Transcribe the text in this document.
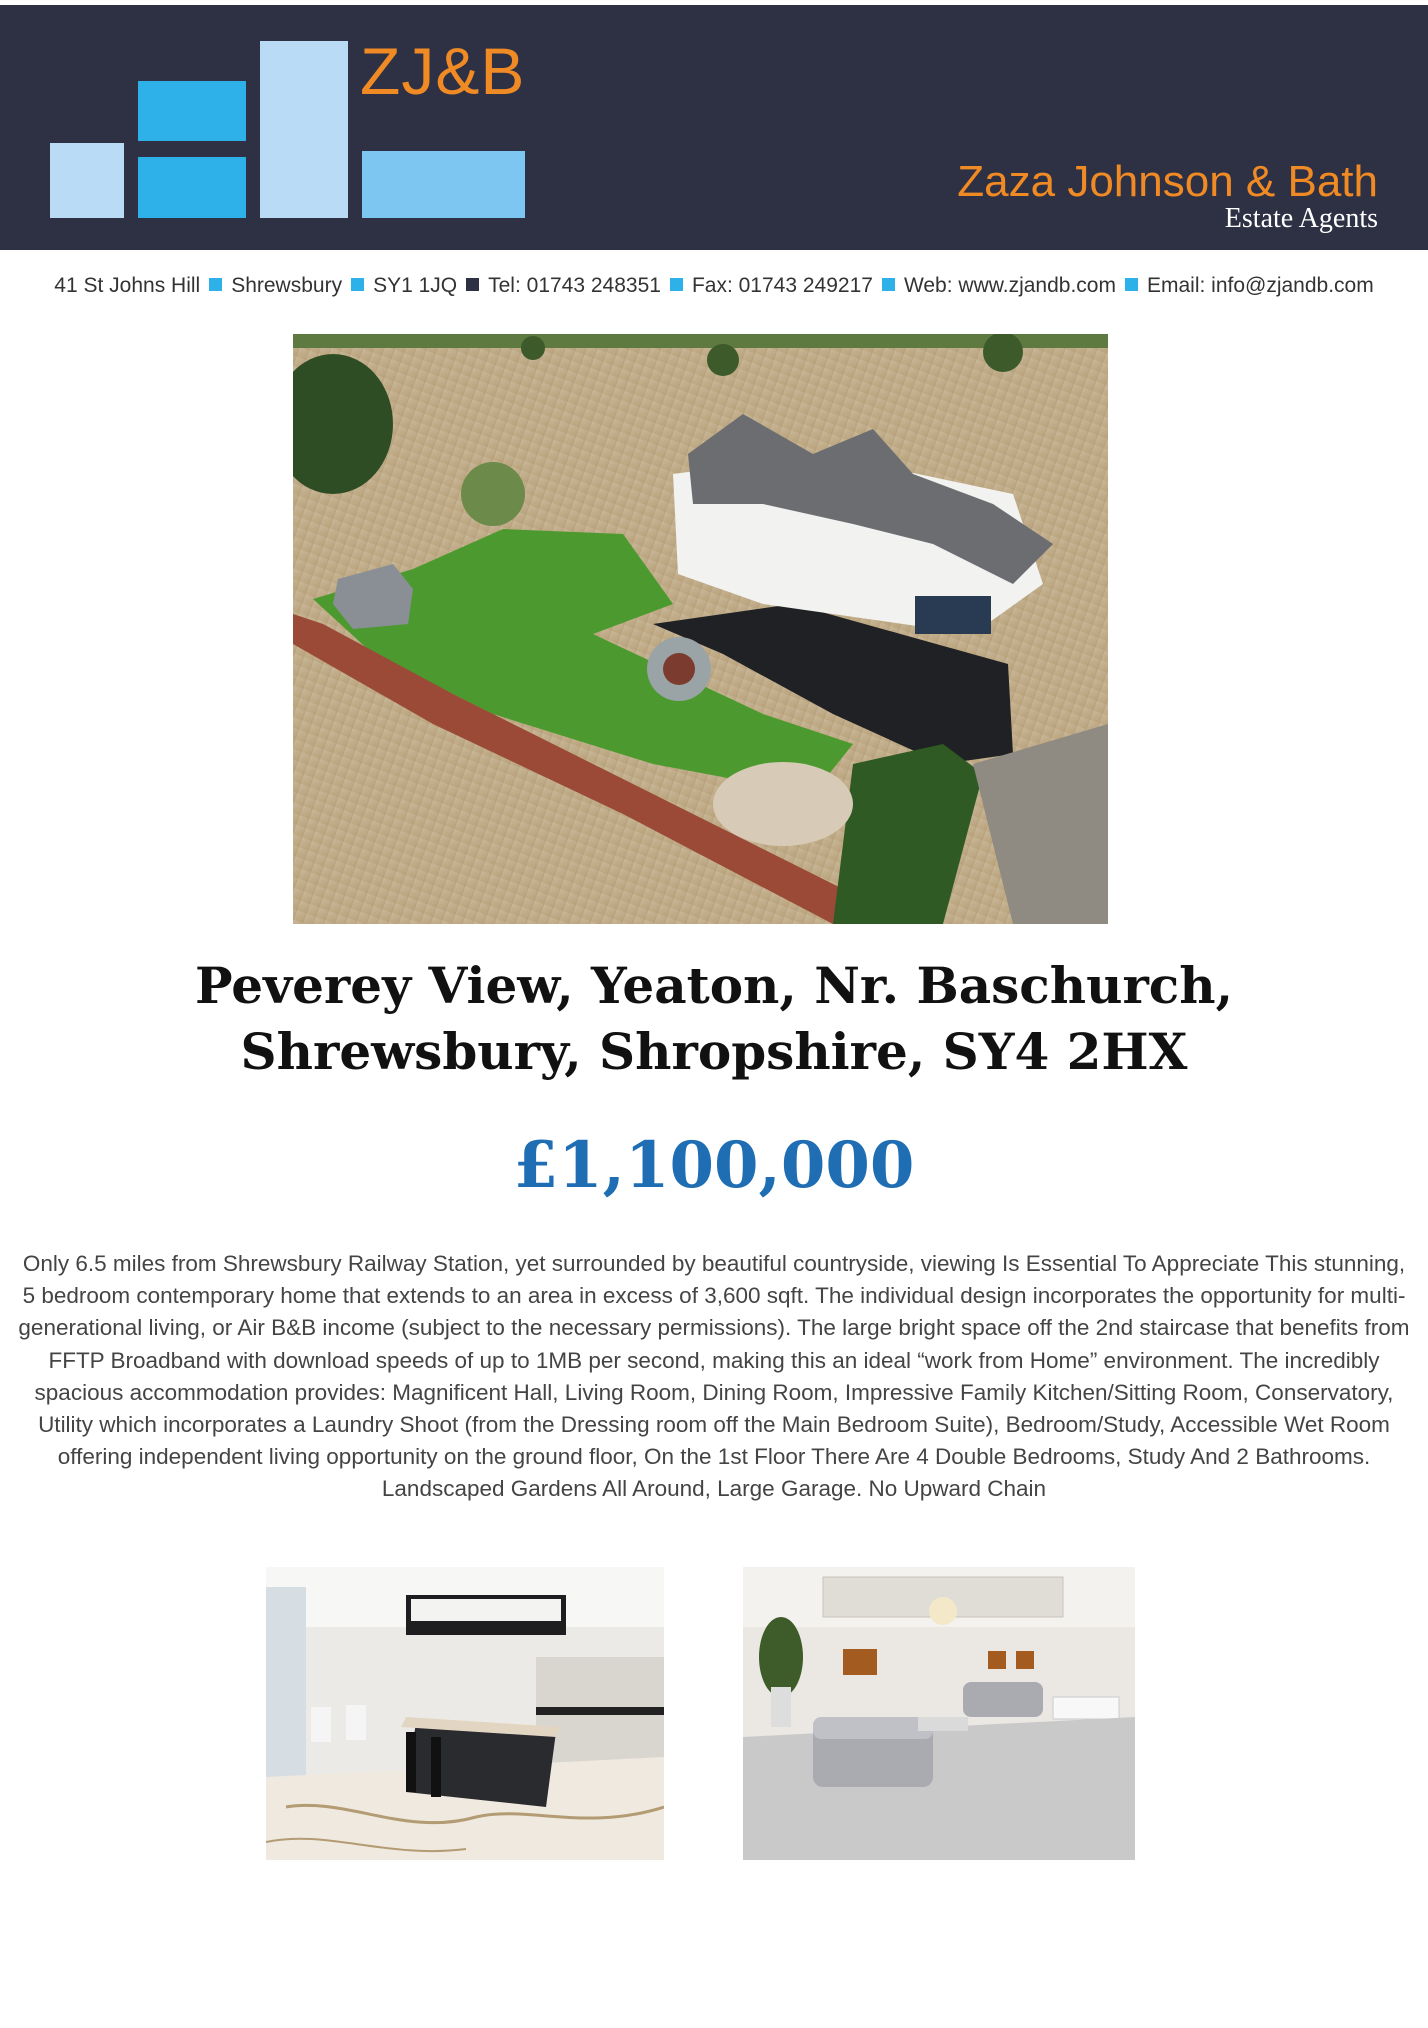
ZJ&B
Zaza Johnson & Bath
Estate Agents
41 St Johns Hill Shrewsbury SY1 1JQ Tel: 01743 248351 Fax: 01743 249217 Web: www.zjandb.com Email: info@zjandb.com
Peverey View, Yeaton, Nr. Baschurch,
Shrewsbury, Shropshire, SY4 2HX
£1,100,000
Only 6.5 miles from Shrewsbury Railway Station, yet surrounded by beautiful countryside, viewing Is Essential To Appreciate This stunning, 5 bedroom contemporary home that extends to an area in excess of 3,600 sqft. The individual design incorporates the opportunity for multi-generational living, or Air B&B income (subject to the necessary permissions). The large bright space off the 2nd staircase that benefits from FFTP Broadband with download speeds of up to 1MB per second, making this an ideal “work from Home” environment. The incredibly spacious accommodation provides: Magnificent Hall, Living Room, Dining Room, Impressive Family Kitchen/Sitting Room, Conservatory, Utility which incorporates a Laundry Shoot (from the Dressing room off the Main Bedroom Suite), Bedroom/Study, Accessible Wet Room offering independent living opportunity on the ground floor, On the 1st Floor There Are 4 Double Bedrooms, Study And 2 Bathrooms. Landscaped Gardens All Around, Large Garage. No Upward Chain
